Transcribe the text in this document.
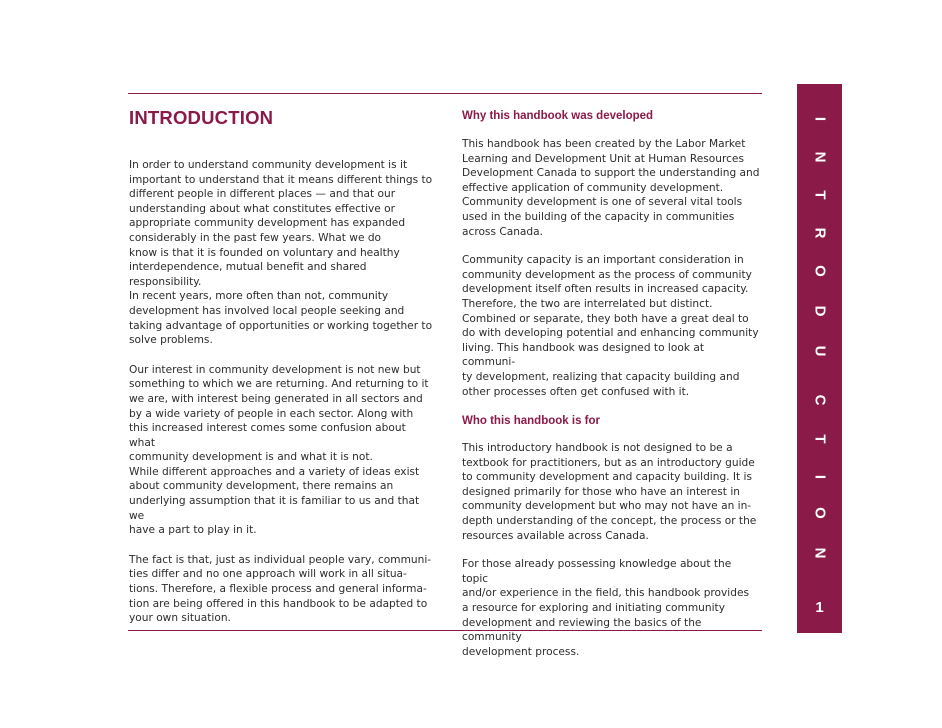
INTRODUCTION

In order to understand community development is it
important to understand that it means different things to
different people in different places — and that our
understanding about what constitutes effective or
appropriate community development has expanded
considerably in the past few years. What we do
know is that it is founded on voluntary and healthy
interdependence, mutual benefit and shared responsibility.
In recent years, more often than not, community
development has involved local people seeking and
taking advantage of opportunities or working together to
solve problems.

Our interest in community development is not new but
something to which we are returning. And returning to it
we are, with interest being generated in all sectors and
by a wide variety of people in each sector. Along with
this increased interest comes some confusion about what
community development is and what it is not.

While different approaches and a variety of ideas exist
about community development, there remains an
underlying assumption that it is familiar to us and that we
have a part to play in it.

The fact is that, just as individual people vary, communi-
ties differ and no one approach will work in all situa-
tions. Therefore, a flexible process and general informa-
tion are being offered in this handbook to be adapted to
your own situation.

Why this handbook was developed

This handbook has been created by the Labor Market
Learning and Development Unit at Human Resources
Development Canada to support the understanding and
effective application of community development.
Community development is one of several vital tools
used in the building of the capacity in communities
across Canada.

Community capacity is an important consideration in
community development as the process of community
development itself often results in increased capacity.
Therefore, the two are interrelated but distinct.
Combined or separate, they both have a great deal to
do with developing potential and enhancing community
living. This handbook was designed to look at communi-
ty development, realizing that capacity building and
other processes often get confused with it.

Who this handbook is for

This introductory handbook is not designed to be a
textbook for practitioners, but as an introductory guide
to community development and capacity building. It is
designed primarily for those who have an interest in
community development but who may not have an in-
depth understanding of the concept, the process or the
resources available across Canada.

For those already possessing knowledge about the topic
and/or experience in the field, this handbook provides
a resource for exploring and initiating community
development and reviewing the basics of the community
development process.

I
N
T
R
O
D
U
C
T
I
O
N
1
